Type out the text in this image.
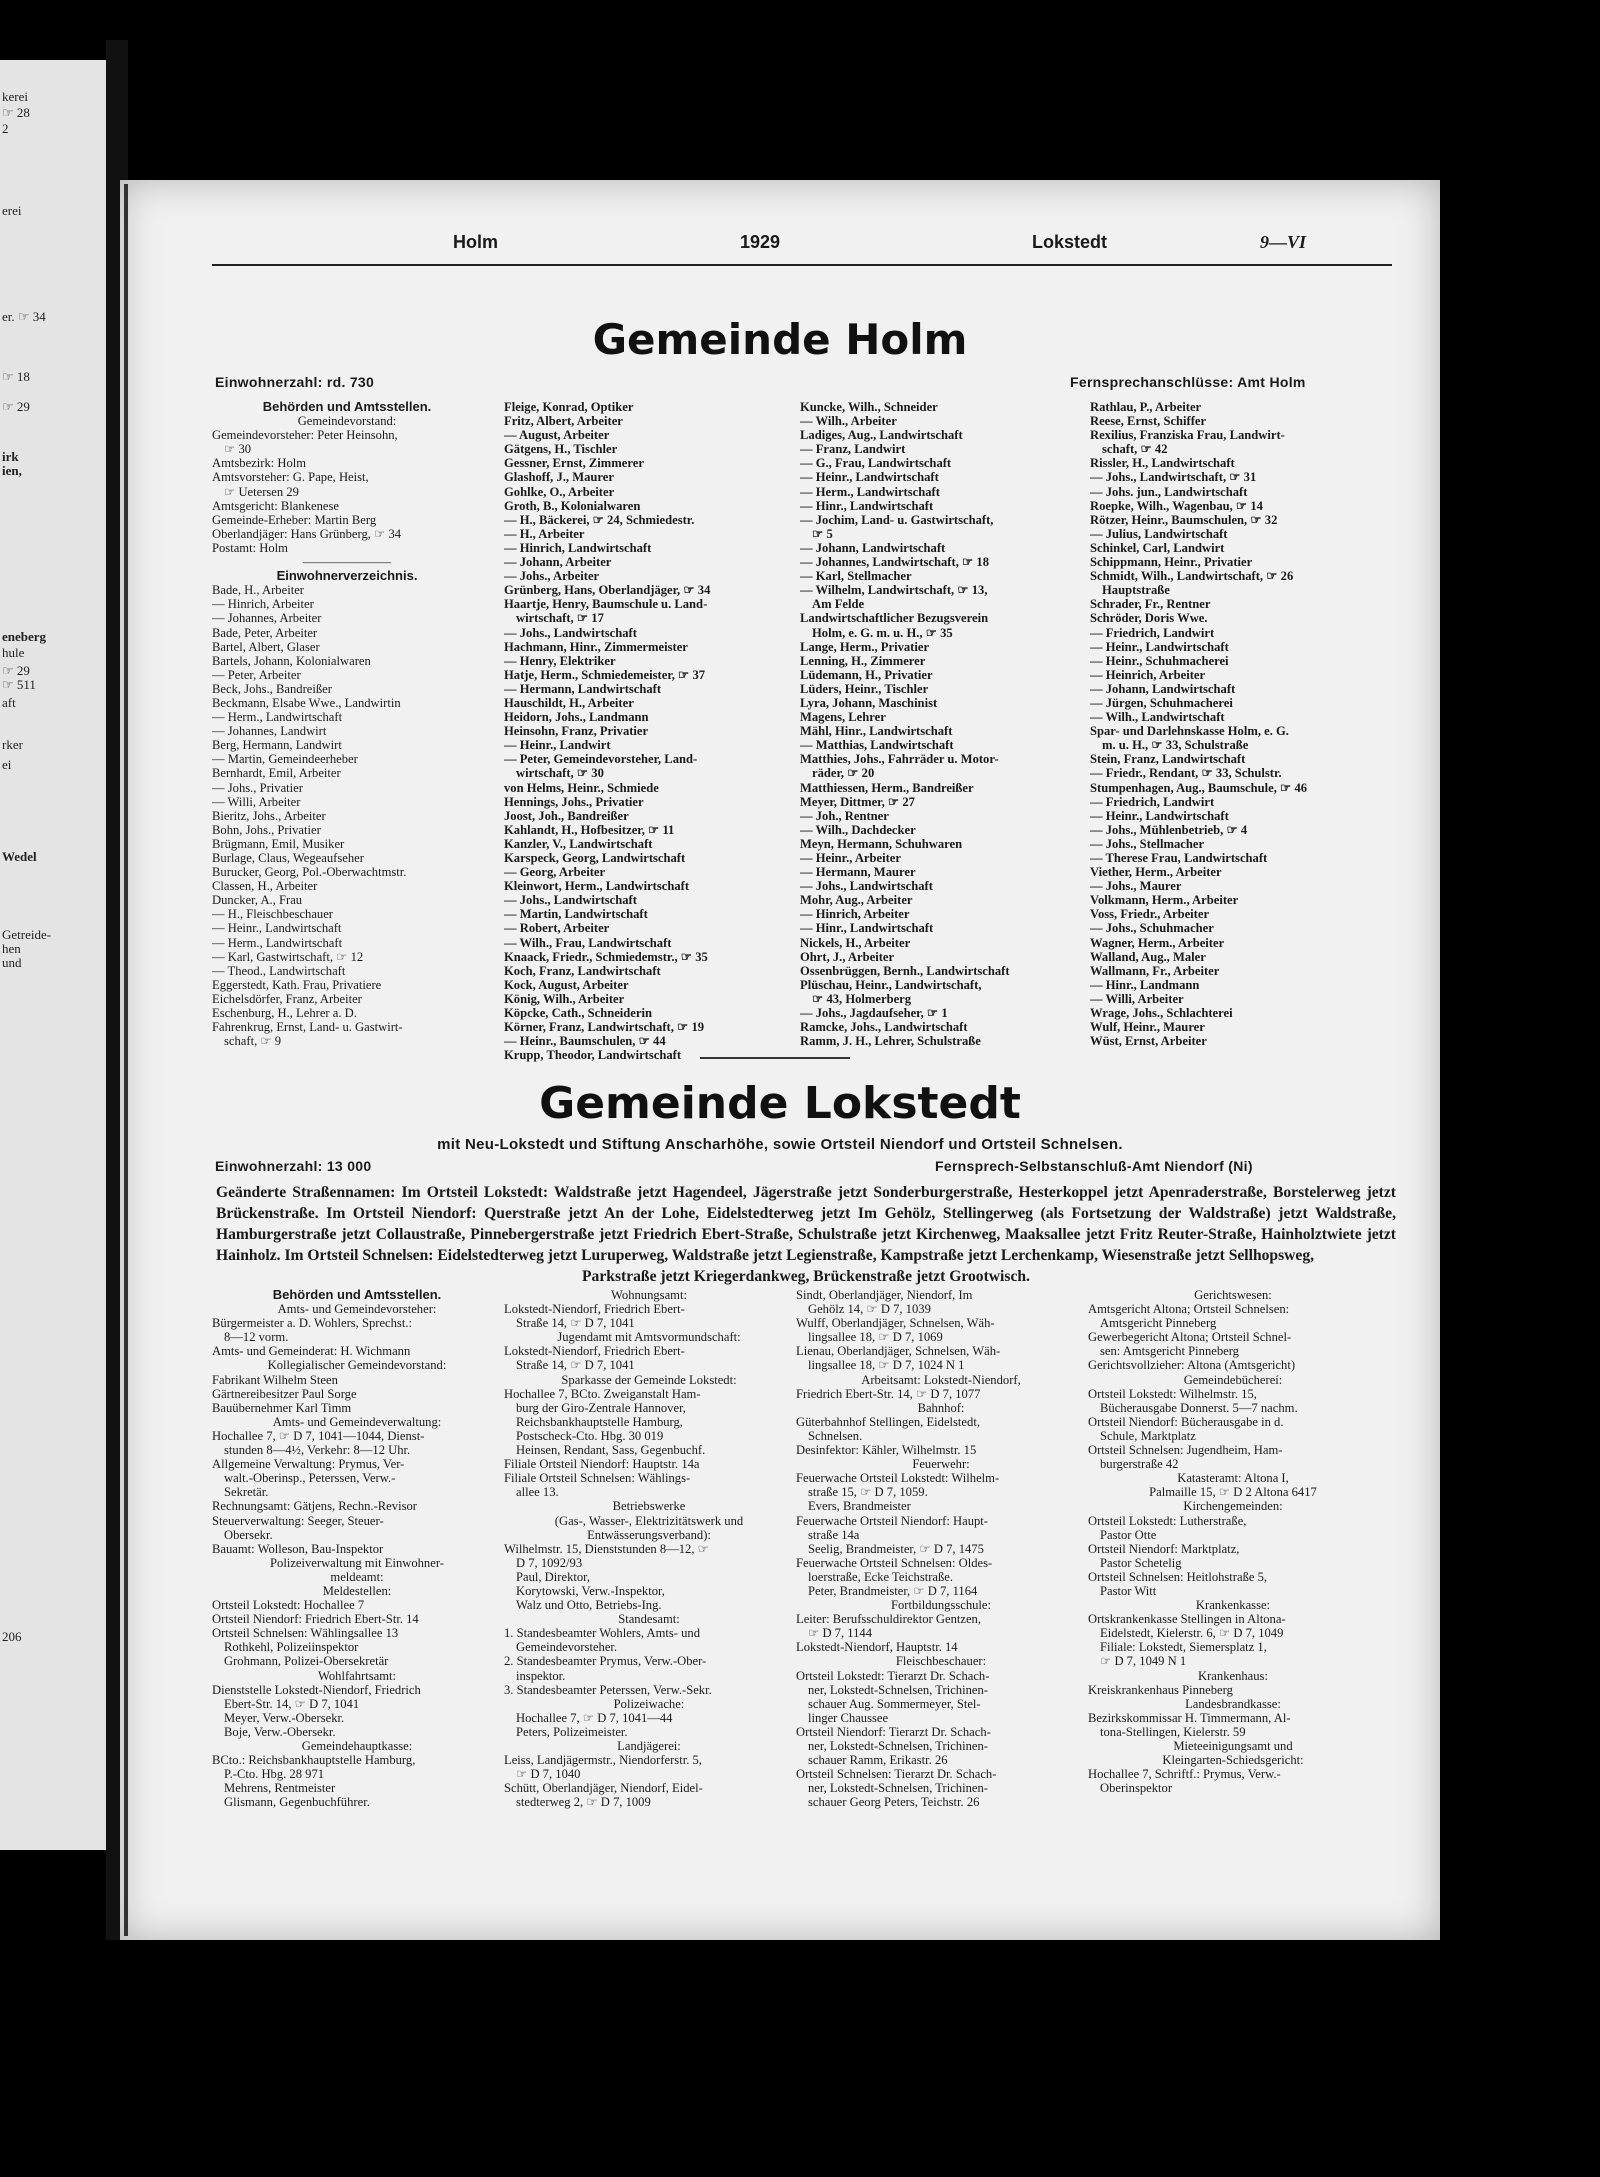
kerei
☞ 28
2
erei
er. ☞ 34
☞ 18
☞ 29
irk
ien,
eneberg
hule
☞ 29
☞ 511
aft
rker
ei
Wedel
Getreide-
hen
und
206
Holm	1929	Lokstedt	9—VI
Gemeinde Holm
Einwohnerzahl: rd. 730	Fernsprechanschlüsse: Amt Holm
Behörden und Amtsstellen.
Gemeindevorstand:
Gemeindevorsteher: Peter Heinsohn,
☞ 30
Amtsbezirk: Holm
Amtsvorsteher: G. Pape, Heist,
☞ Uetersen 29
Amtsgericht: Blankenese
Gemeinde-Erheber: Martin Berg
Oberlandjäger: Hans Grünberg, ☞ 34
Postamt: Holm
———————
Einwohnerverzeichnis.
Bade, H., Arbeiter
— Hinrich, Arbeiter
— Johannes, Arbeiter
Bade, Peter, Arbeiter
Bartel, Albert, Glaser
Bartels, Johann, Kolonialwaren
— Peter, Arbeiter
Beck, Johs., Bandreißer
Beckmann, Elsabe Wwe., Landwirtin
— Herm., Landwirtschaft
— Johannes, Landwirt
Berg, Hermann, Landwirt
— Martin, Gemeindeerheber
Bernhardt, Emil, Arbeiter
— Johs., Privatier
— Willi, Arbeiter
Bieritz, Johs., Arbeiter
Bohn, Johs., Privatier
Brügmann, Emil, Musiker
Burlage, Claus, Wegeaufseher
Burucker, Georg, Pol.-Oberwachtmstr.
Classen, H., Arbeiter
Duncker, A., Frau
— H., Fleischbeschauer
— Heinr., Landwirtschaft
— Herm., Landwirtschaft
— Karl, Gastwirtschaft, ☞ 12
— Theod., Landwirtschaft
Eggerstedt, Kath. Frau, Privatiere
Eichelsdörfer, Franz, Arbeiter
Eschenburg, H., Lehrer a. D.
Fahrenkrug, Ernst, Land- u. Gastwirt-
schaft, ☞ 9
Fleige, Konrad, Optiker
Fritz, Albert, Arbeiter
— August, Arbeiter
Gätgens, H., Tischler
Gessner, Ernst, Zimmerer
Glashoff, J., Maurer
Gohlke, O., Arbeiter
Groth, B., Kolonialwaren
— H., Bäckerei, ☞ 24, Schmiedestr.
— H., Arbeiter
— Hinrich, Landwirtschaft
— Johann, Arbeiter
— Johs., Arbeiter
Grünberg, Hans, Oberlandjäger, ☞ 34
Haartje, Henry, Baumschule u. Land-
wirtschaft, ☞ 17
— Johs., Landwirtschaft
Hachmann, Hinr., Zimmermeister
— Henry, Elektriker
Hatje, Herm., Schmiedemeister, ☞ 37
— Hermann, Landwirtschaft
Hauschildt, H., Arbeiter
Heidorn, Johs., Landmann
Heinsohn, Franz, Privatier
— Heinr., Landwirt
— Peter, Gemeindevorsteher, Land-
wirtschaft, ☞ 30
von Helms, Heinr., Schmiede
Hennings, Johs., Privatier
Joost, Joh., Bandreißer
Kahlandt, H., Hofbesitzer, ☞ 11
Kanzler, V., Landwirtschaft
Karspeck, Georg, Landwirtschaft
— Georg, Arbeiter
Kleinwort, Herm., Landwirtschaft
— Johs., Landwirtschaft
— Martin, Landwirtschaft
— Robert, Arbeiter
— Wilh., Frau, Landwirtschaft
Knaack, Friedr., Schmiedemstr., ☞ 35
Koch, Franz, Landwirtschaft
Kock, August, Arbeiter
König, Wilh., Arbeiter
Köpcke, Cath., Schneiderin
Körner, Franz, Landwirtschaft, ☞ 19
— Heinr., Baumschulen, ☞ 44
Krupp, Theodor, Landwirtschaft
Kuncke, Wilh., Schneider
— Wilh., Arbeiter
Ladiges, Aug., Landwirtschaft
— Franz, Landwirt
— G., Frau, Landwirtschaft
— Heinr., Landwirtschaft
— Herm., Landwirtschaft
— Hinr., Landwirtschaft
— Jochim, Land- u. Gastwirtschaft,
☞ 5
— Johann, Landwirtschaft
— Johannes, Landwirtschaft, ☞ 18
— Karl, Stellmacher
— Wilhelm, Landwirtschaft, ☞ 13,
Am Felde
Landwirtschaftlicher Bezugsverein
Holm, e. G. m. u. H., ☞ 35
Lange, Herm., Privatier
Lenning, H., Zimmerer
Lüdemann, H., Privatier
Lüders, Heinr., Tischler
Lyra, Johann, Maschinist
Magens, Lehrer
Mähl, Hinr., Landwirtschaft
— Matthias, Landwirtschaft
Matthies, Johs., Fahrräder u. Motor-
räder, ☞ 20
Matthiessen, Herm., Bandreißer
Meyer, Dittmer, ☞ 27
— Joh., Rentner
— Wilh., Dachdecker
Meyn, Hermann, Schuhwaren
— Heinr., Arbeiter
— Hermann, Maurer
— Johs., Landwirtschaft
Mohr, Aug., Arbeiter
— Hinrich, Arbeiter
— Hinr., Landwirtschaft
Nickels, H., Arbeiter
Ohrt, J., Arbeiter
Ossenbrüggen, Bernh., Landwirtschaft
Plüschau, Heinr., Landwirtschaft,
☞ 43, Holmerberg
— Johs., Jagdaufseher, ☞ 1
Ramcke, Johs., Landwirtschaft
Ramm, J. H., Lehrer, Schulstraße
Rathlau, P., Arbeiter
Reese, Ernst, Schiffer
Rexilius, Franziska Frau, Landwirt-
schaft, ☞ 42
Rissler, H., Landwirtschaft
— Johs., Landwirtschaft, ☞ 31
— Johs. jun., Landwirtschaft
Roepke, Wilh., Wagenbau, ☞ 14
Rötzer, Heinr., Baumschulen, ☞ 32
— Julius, Landwirtschaft
Schinkel, Carl, Landwirt
Schippmann, Heinr., Privatier
Schmidt, Wilh., Landwirtschaft, ☞ 26
Hauptstraße
Schrader, Fr., Rentner
Schröder, Doris Wwe.
— Friedrich, Landwirt
— Heinr., Landwirtschaft
— Heinr., Schuhmacherei
— Heinrich, Arbeiter
— Johann, Landwirtschaft
— Jürgen, Schuhmacherei
— Wilh., Landwirtschaft
Spar- und Darlehnskasse Holm, e. G.
m. u. H., ☞ 33, Schulstraße
Stein, Franz, Landwirtschaft
— Friedr., Rendant, ☞ 33, Schulstr.
Stumpenhagen, Aug., Baumschule, ☞ 46
— Friedrich, Landwirt
— Heinr., Landwirtschaft
— Johs., Mühlenbetrieb, ☞ 4
— Johs., Stellmacher
— Therese Frau, Landwirtschaft
Viether, Herm., Arbeiter
— Johs., Maurer
Volkmann, Herm., Arbeiter
Voss, Friedr., Arbeiter
— Johs., Schuhmacher
Wagner, Herm., Arbeiter
Walland, Aug., Maler
Wallmann, Fr., Arbeiter
— Hinr., Landmann
— Willi, Arbeiter
Wrage, Johs., Schlachterei
Wulf, Heinr., Maurer
Wüst, Ernst, Arbeiter
Gemeinde Lokstedt
mit Neu-Lokstedt und Stiftung Anscharhöhe, sowie Ortsteil Niendorf und Ortsteil Schnelsen.
Einwohnerzahl: 13 000	Fernsprech-Selbstanschluß-Amt Niendorf (Ni)
Geänderte Straßennamen: Im Ortsteil Lokstedt: Waldstraße jetzt Hagendeel, Jägerstraße jetzt Sonderburgerstraße, Hesterkoppel jetzt Apenraderstraße, Borstelerweg jetzt Brückenstraße. Im Ortsteil Niendorf: Querstraße jetzt An der Lohe, Eidelstedterweg jetzt Im Gehölz, Stellingerweg (als Fortsetzung der Waldstraße) jetzt Waldstraße, Hamburgerstraße jetzt Collaustraße, Pinnebergerstraße jetzt Friedrich Ebert-Straße, Schulstraße jetzt Kirchenweg, Maaksallee jetzt Fritz Reuter-Straße, Hainholztwiete jetzt Hainholz. Im Ortsteil Schnelsen: Eidelstedterweg jetzt Luruperweg, Waldstraße jetzt Legienstraße, Kampstraße jetzt Lerchenkamp, Wiesenstraße jetzt Sellhopsweg,
Parkstraße jetzt Kriegerdankweg, Brückenstraße jetzt Grootwisch.
Behörden und Amtsstellen.
Amts- und Gemeindevorsteher:
Bürgermeister a. D. Wohlers, Sprechst.:
8—12 vorm.
Amts- und Gemeinderat: H. Wichmann
Kollegialischer Gemeindevorstand:
Fabrikant Wilhelm Steen
Gärtnereibesitzer Paul Sorge
Bauübernehmer Karl Timm
Amts- und Gemeindeverwaltung:
Hochallee 7, ☞ D 7, 1041—1044, Dienst-
stunden 8—4½, Verkehr: 8—12 Uhr.
Allgemeine Verwaltung: Prymus, Ver-
walt.-Oberinsp., Peterssen, Verw.-
Sekretär.
Rechnungsamt: Gätjens, Rechn.-Revisor
Steuerverwaltung: Seeger, Steuer-
Obersekr.
Bauamt: Wolleson, Bau-Inspektor
Polizeiverwaltung mit Einwohner-
meldeamt:
Meldestellen:
Ortsteil Lokstedt: Hochallee 7
Ortsteil Niendorf: Friedrich Ebert-Str. 14
Ortsteil Schnelsen: Wählingsallee 13
Rothkehl, Polizeiinspektor
Grohmann, Polizei-Obersekretär
Wohlfahrtsamt:
Dienststelle Lokstedt-Niendorf, Friedrich
Ebert-Str. 14, ☞ D 7, 1041
Meyer, Verw.-Obersekr.
Boje, Verw.-Obersekr.
Gemeindehauptkasse:
BCto.: Reichsbankhauptstelle Hamburg,
P.-Cto. Hbg. 28 971
Mehrens, Rentmeister
Glismann, Gegenbuchführer.
Wohnungsamt:
Lokstedt-Niendorf, Friedrich Ebert-
Straße 14, ☞ D 7, 1041
Jugendamt mit Amtsvormundschaft:
Lokstedt-Niendorf, Friedrich Ebert-
Straße 14, ☞ D 7, 1041
Sparkasse der Gemeinde Lokstedt:
Hochallee 7, BCto. Zweiganstalt Ham-
burg der Giro-Zentrale Hannover,
Reichsbankhauptstelle Hamburg,
Postscheck-Cto. Hbg. 30 019
Heinsen, Rendant, Sass, Gegenbuchf.
Filiale Ortsteil Niendorf: Hauptstr. 14a
Filiale Ortsteil Schnelsen: Wählings-
allee 13.
Betriebswerke
(Gas-, Wasser-, Elektrizitätswerk und
Entwässerungsverband):
Wilhelmstr. 15, Dienststunden 8—12, ☞
D 7, 1092/93
Paul, Direktor,
Korytowski, Verw.-Inspektor,
Walz und Otto, Betriebs-Ing.
Standesamt:
1. Standesbeamter Wohlers, Amts- und
Gemeindevorsteher.
2. Standesbeamter Prymus, Verw.-Ober-
inspektor.
3. Standesbeamter Peterssen, Verw.-Sekr.
Polizeiwache:
Hochallee 7, ☞ D 7, 1041—44
Peters, Polizeimeister.
Landjägerei:
Leiss, Landjägermstr., Niendorferstr. 5,
☞ D 7, 1040
Schütt, Oberlandjäger, Niendorf, Eidel-
stedterweg 2, ☞ D 7, 1009
Sindt, Oberlandjäger, Niendorf, Im
Gehölz 14, ☞ D 7, 1039
Wulff, Oberlandjäger, Schnelsen, Wäh-
lingsallee 18, ☞ D 7, 1069
Lienau, Oberlandjäger, Schnelsen, Wäh-
lingsallee 18, ☞ D 7, 1024 N 1
Arbeitsamt: Lokstedt-Niendorf,
Friedrich Ebert-Str. 14, ☞ D 7, 1077
Bahnhof:
Güterbahnhof Stellingen, Eidelstedt,
Schnelsen.
Desinfektor: Kähler, Wilhelmstr. 15
Feuerwehr:
Feuerwache Ortsteil Lokstedt: Wilhelm-
straße 15, ☞ D 7, 1059.
Evers, Brandmeister
Feuerwache Ortsteil Niendorf: Haupt-
straße 14a
Seelig, Brandmeister, ☞ D 7, 1475
Feuerwache Ortsteil Schnelsen: Oldes-
loerstraße, Ecke Teichstraße.
Peter, Brandmeister, ☞ D 7, 1164
Fortbildungsschule:
Leiter: Berufsschuldirektor Gentzen,
☞ D 7, 1144
Lokstedt-Niendorf, Hauptstr. 14
Fleischbeschauer:
Ortsteil Lokstedt: Tierarzt Dr. Schach-
ner, Lokstedt-Schnelsen, Trichinen-
schauer Aug. Sommermeyer, Stel-
linger Chaussee
Ortsteil Niendorf: Tierarzt Dr. Schach-
ner, Lokstedt-Schnelsen, Trichinen-
schauer Ramm, Erikastr. 26
Ortsteil Schnelsen: Tierarzt Dr. Schach-
ner, Lokstedt-Schnelsen, Trichinen-
schauer Georg Peters, Teichstr. 26
Gerichtswesen:
Amtsgericht Altona; Ortsteil Schnelsen:
Amtsgericht Pinneberg
Gewerbegericht Altona; Ortsteil Schnel-
sen: Amtsgericht Pinneberg
Gerichtsvollzieher: Altona (Amtsgericht)
Gemeindebüchereí:
Ortsteil Lokstedt: Wilhelmstr. 15,
Bücherausgabe Donnerst. 5—7 nachm.
Ortsteil Niendorf: Bücherausgabe in d.
Schule, Marktplatz
Ortsteil Schnelsen: Jugendheim, Ham-
burgerstraße 42
Katasteramt: Altona I,
Palmaille 15, ☞ D 2 Altona 6417
Kirchengemeinden:
Ortsteil Lokstedt: Lutherstraße,
Pastor Otte
Ortsteil Niendorf: Marktplatz,
Pastor Schetelig
Ortsteil Schnelsen: Heitlohstraße 5,
Pastor Witt
Krankenkasse:
Ortskrankenkasse Stellingen in Altona-
Eidelstedt, Kielerstr. 6, ☞ D 7, 1049
Filiale: Lokstedt, Siemersplatz 1,
☞ D 7, 1049 N 1
Krankenhaus:
Kreiskrankenhaus Pinneberg
Landesbrandkasse:
Bezirkskommissar H. Timmermann, Al-
tona-Stellingen, Kielerstr. 59
Mieteeinigungsamt und
Kleingarten-Schiedsgericht:
Hochallee 7, Schriftf.: Prymus, Verw.-
Oberinspektor
